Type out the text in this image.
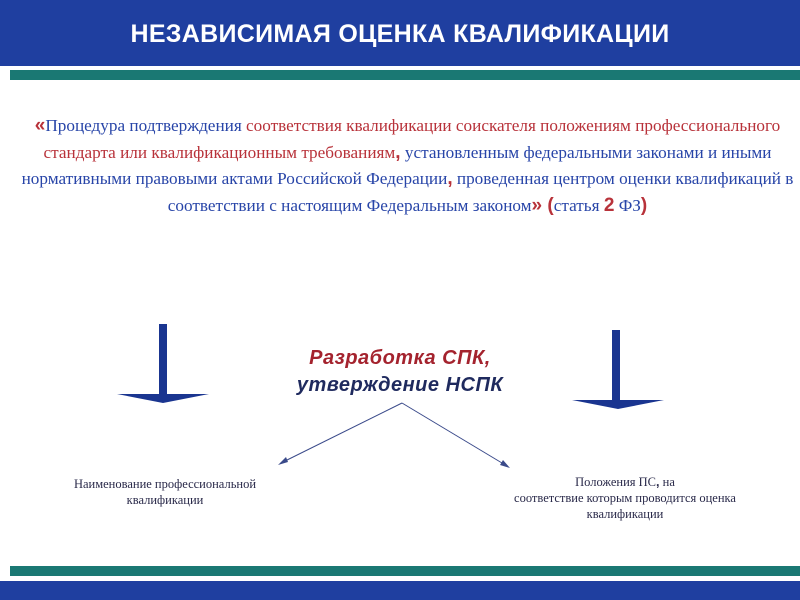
НЕЗАВИСИМАЯ ОЦЕНКА КВАЛИФИКАЦИИ
«Процедура подтверждения соответствия квалификации соискателя положениям профессионального стандарта или квалификационным требованиям, установленным федеральными законами и иными нормативными правовыми актами Российской Федерации, проведенная центром оценки квалификаций в соответствии с настоящим Федеральным законом» (статья 2 ФЗ)
Разработка СПК,
утверждение НСПК
Наименование профессиональной
квалификации
Положения ПС, на
соответствие которым проводится оценка
квалификации
